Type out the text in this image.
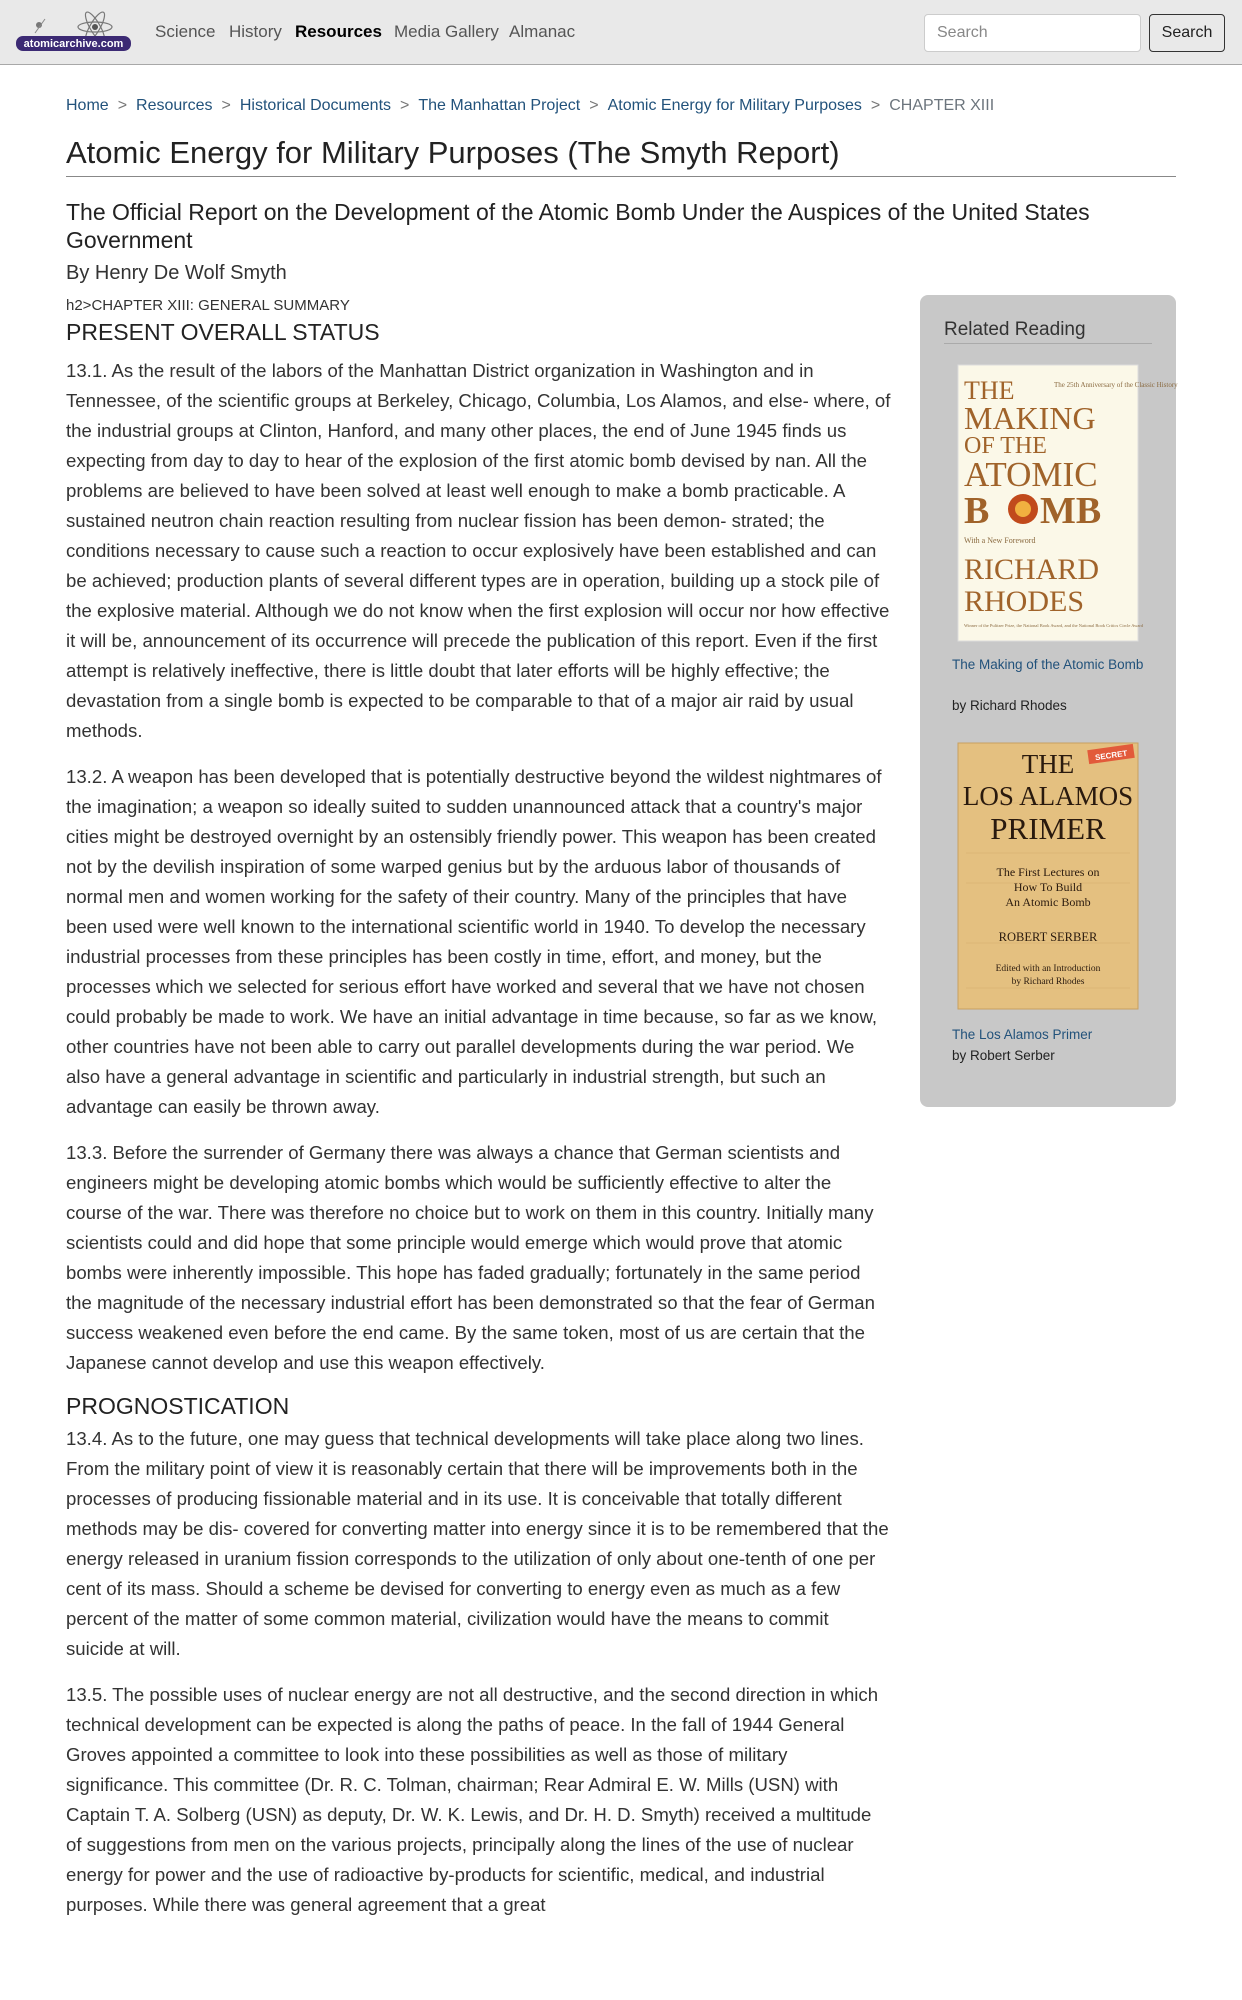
atomicarchive.com
Science History Resources Media Gallery Almanac
Search	Search
Home > Resources > Historical Documents > The Manhattan Project > Atomic Energy for Military Purposes > CHAPTER XIII
Atomic Energy for Military Purposes (The Smyth Report)
The Official Report on the Development of the Atomic Bomb Under the Auspices of the United States Government
By Henry De Wolf Smyth
h2>CHAPTER XIII: GENERAL SUMMARY
PRESENT OVERALL STATUS

13.1. As the result of the labors of the Manhattan District organization in Washington and in Tennessee, of the scientific groups at Berkeley, Chicago, Columbia, Los Alamos, and else- where, of the industrial groups at Clinton, Hanford, and many other places, the end of June 1945 finds us expecting from day to day to hear of the explosion of the first atomic bomb devised by nan. All the problems are believed to have been solved at least well enough to make a bomb practicable. A sustained neutron chain reaction resulting from nuclear fission has been demon- strated; the conditions necessary to cause such a reaction to occur explosively have been established and can be achieved; production plants of several different types are in operation, building up a stock pile of the explosive material. Although we do not know when the first explosion will occur nor how effective it will be, announcement of its occurrence will precede the publication of this report. Even if the first attempt is relatively ineffective, there is little doubt that later efforts will be highly effective; the devastation from a single bomb is expected to be comparable to that of a major air raid by usual methods.

13.2. A weapon has been developed that is potentially destructive beyond the wildest nightmares of the imagination; a weapon so ideally suited to sudden unannounced attack that a country's major cities might be destroyed overnight by an ostensibly friendly power. This weapon has been created not by the devilish inspiration of some warped genius but by the arduous labor of thousands of normal men and women working for the safety of their country. Many of the principles that have been used were well known to the international scientific world in 1940. To develop the necessary industrial processes from these principles has been costly in time, effort, and money, but the processes which we selected for serious effort have worked and several that we have not chosen could probably be made to work. We have an initial advantage in time because, so far as we know, other countries have not been able to carry out parallel developments during the war period. We also have a general advantage in scientific and particularly in industrial strength, but such an advantage can easily be thrown away.

13.3. Before the surrender of Germany there was always a chance that German scientists and engineers might be developing atomic bombs which would be sufficiently effective to alter the course of the war. There was therefore no choice but to work on them in this country. Initially many scientists could and did hope that some principle would emerge which would prove that atomic bombs were inherently impossible. This hope has faded gradually; fortunately in the same period the magnitude of the necessary industrial effort has been demonstrated so that the fear of German success weakened even before the end came. By the same token, most of us are certain that the Japanese cannot develop and use this weapon effectively.

PROGNOSTICATION

13.4. As to the future, one may guess that technical developments will take place along two lines. From the military point of view it is reasonably certain that there will be improvements both in the processes of producing fissionable material and in its use. It is conceivable that totally different methods may be dis- covered for converting matter into energy since it is to be remembered that the energy released in uranium fission corresponds to the utilization of only about one-tenth of one per cent of its mass. Should a scheme be devised for converting to energy even as much as a few percent of the matter of some common material, civilization would have the means to commit suicide at will.

13.5. The possible uses of nuclear energy are not all destructive, and the second direction in which technical development can be expected is along the paths of peace. In the fall of 1944 General Groves appointed a committee to look into these possibilities as well as those of military significance. This committee (Dr. R. C. Tolman, chairman; Rear Admiral E. W. Mills (USN) with Captain T. A. Solberg (USN) as deputy, Dr. W. K. Lewis, and Dr. H. D. Smyth) received a multitude of suggestions from men on the various projects, principally along the lines of the use of nuclear energy for power and the use of radioactive by-products for scientific, medical, and industrial purposes. While there was general agreement that a great

Related Reading
The 25th Anniversary of the Classic History
THE
MAKING
OF THE
ATOMIC
B MB
With a New Foreword
RICHARD
RHODES
Winner of the Pulitzer Prize, the National Book Award, and the National Book Critics Circle Award
The Making of the Atomic Bomb
by Richard Rhodes
SECRET
THE
LOS ALAMOS
PRIMER
The First Lectures on
How To Build
An Atomic Bomb
ROBERT SERBER
Edited with an Introduction
by Richard Rhodes
The Los Alamos Primer
by Robert Serber
